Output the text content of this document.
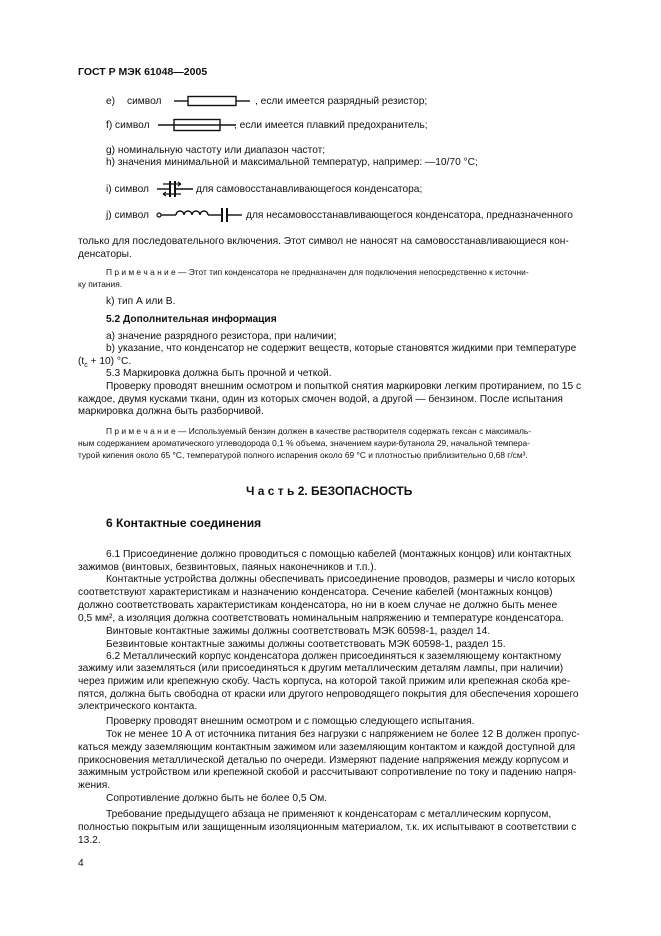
ГОСТ Р МЭК 61048—2005
e) символ	, если имеется разрядный резистор;
f) символ	, если имеется плавкий предохранитель;
g) номинальную частоту или диапазон частот;
h) значения минимальной и максимальной температур, например: —10/70 °C;
i) символ	для самовосстанавливающегося конденсатора;
j) символ	для несамовосстанавливающегося конденсатора, предназначенного
только для последовательного включения. Этот символ не наносят на самовосстанавливающиеся кон-
денсаторы.
П р и м е ч а н и е — Этот тип конденсатора не предназначен для подключения непосредственно к источни-
ку питания.
k) тип А или В.
5.2 Дополнительная информация
a) значение разрядного резистора, при наличии;
b) указание, что конденсатор не содержит веществ, которые становятся жидкими при температуре
$(t_c + 10)$ °C.
5.3 Маркировка должна быть прочной и четкой.
Проверку проводят внешним осмотром и попыткой снятия маркировки легким протиранием, по 15 с
каждое, двумя кусками ткани, один из которых смочен водой, а другой — бензином. После испытания
маркировка должна быть разборчивой.
П р и м е ч а н и е — Используемый бензин должен в качестве растворителя содержать гексан с максималь-
ным содержанием ароматического углеводорода 0,1 % объема, значением каури-бутанола 29, начальной темпера-
турой кипения около 65 °C, температурой полного испарения около 69 °C и плотностью приблизительно 0,68 г/см³.
Ч а с т ь 2. БЕЗОПАСНОСТЬ
6 Контактные соединения
6.1 Присоединение должно проводиться с помощью кабелей (монтажных концов) или контактных
зажимов (винтовых, безвинтовых, паяных наконечников и т.п.).
Контактные устройства должны обеспечивать присоединение проводов, размеры и число которых
соответствуют характеристикам и назначению конденсатора. Сечение кабелей (монтажных концов)
должно соответствовать характеристикам конденсатора, но ни в коем случае не должно быть менее
0,5 мм², а изоляция должна соответствовать номинальным напряжению и температуре конденсатора.
Винтовые контактные зажимы должны соответствовать МЭК 60598-1, раздел 14.
Безвинтовые контактные зажимы должны соответствовать МЭК 60598-1, раздел 15.
6.2 Металлический корпус конденсатора должен присоединяться к заземляющему контактному
зажиму или заземляться (или присоединяться к другим металлическим деталям лампы, при наличии)
через прижим или крепежную скобу. Часть корпуса, на которой такой прижим или крепежная скоба кре-
пятся, должна быть свободна от краски или другого непроводящего покрытия для обеспечения хорошего
электрического контакта.
Проверку проводят внешним осмотром и с помощью следующего испытания.
Ток не менее 10 А от источника питания без нагрузки с напряжением не более 12 В должен пропус-
каться между заземляющим контактным зажимом или заземляющим контактом и каждой доступной для
прикосновения металлической деталью по очереди. Измеряют падение напряжения между корпусом и
зажимным устройством или крепежной скобой и рассчитывают сопротивление по току и падению напря-
жения.
Сопротивление должно быть не более 0,5 Ом.
Требование предыдущего абзаца не применяют к конденсаторам с металлическим корпусом,
полностью покрытым или защищенным изоляционным материалом, т.к. их испытывают в соответствии с
13.2.
4
